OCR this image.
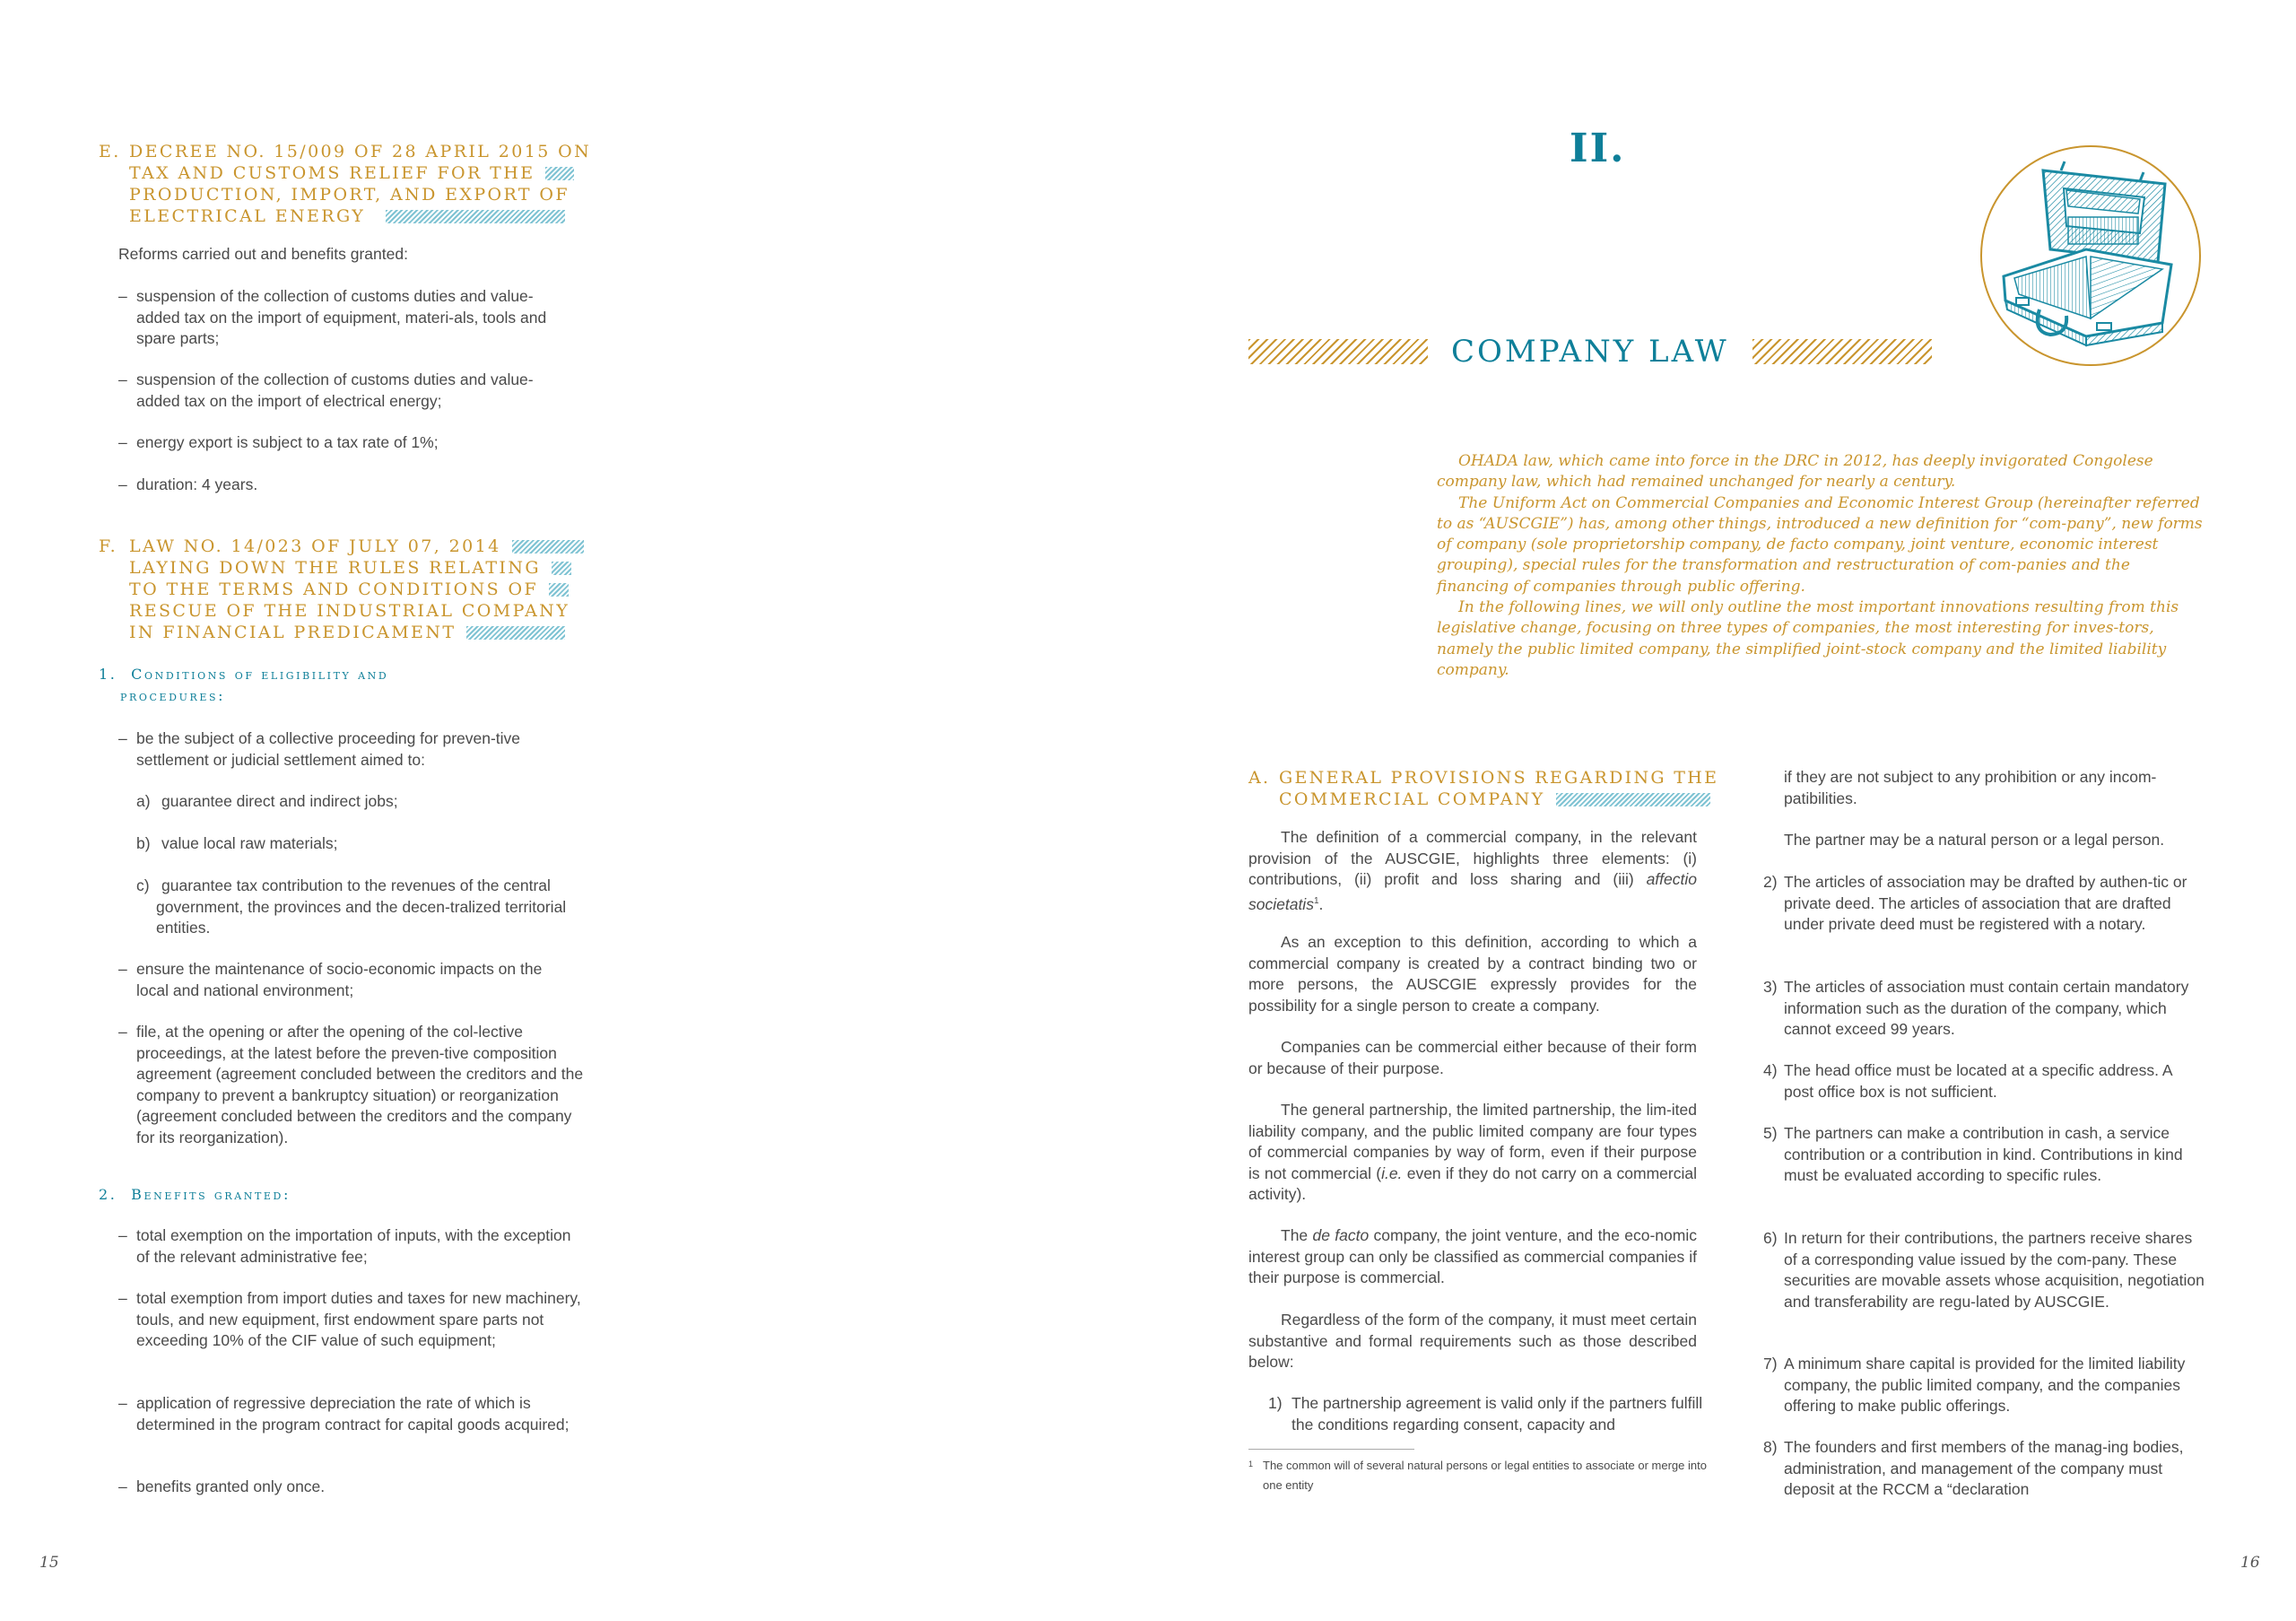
E. DECREE NO. 15/009 OF 28 APRIL 2015 ON
TAX AND CUSTOMS RELIEF FOR THE
PRODUCTION, IMPORT, AND EXPORT OF
ELECTRICAL ENERGY
Reforms carried out and benefits granted:
– suspension of the collection of customs duties and value-added tax on the import of equipment, materi-als, tools and spare parts;
– suspension of the collection of customs duties and value-added tax on the import of electrical energy;
– energy export is subject to a tax rate of 1%;
– duration: 4 years.
F. LAW NO. 14/023 OF JULY 07, 2014
LAYING DOWN THE RULES RELATING
TO THE TERMS AND CONDITIONS OF
RESCUE OF THE INDUSTRIAL COMPANY
IN FINANCIAL PREDICAMENT
1. Conditions of eligibility and
procedures:
– be the subject of a collective proceeding for preven-tive settlement or judicial settlement aimed to:
a) guarantee direct and indirect jobs;
b) value local raw materials;
c) guarantee tax contribution to the revenues of the central government, the provinces and the decen-tralized territorial entities.
– ensure the maintenance of socio-economic impacts on the local and national environment;
– file, at the opening or after the opening of the col-lective proceedings, at the latest before the preven-tive composition agreement (agreement concluded between the creditors and the company to prevent a bankruptcy situation) or reorganization (agreement concluded between the creditors and the company for its reorganization).
2. Benefits granted:
– total exemption on the importation of inputs, with the exception of the relevant administrative fee;
– total exemption from import duties and taxes for new machinery, touls, and new equipment, first endowment spare parts not exceeding 10% of the CIF value of such equipment;
– application of regressive depreciation the rate of which is determined in the program contract for capital goods acquired;
– benefits granted only once.
15
II.
COMPANY LAW

OHADA law, which came into force in the DRC in 2012, has deeply invigorated Congolese company law, which had remained unchanged for nearly a century.

The Uniform Act on Commercial Companies and Economic Interest Group (hereinafter referred to as “AUSCGIE”) has, among other things, introduced a new definition for “com-pany”, new forms of company (sole proprietorship company, de facto company, joint venture, economic interest grouping), special rules for the transformation and restructuration of com-panies and the financing of companies through public offering.

In the following lines, we will only outline the most important innovations resulting from this legislative change, focusing on three types of companies, the most interesting for inves-tors, namely the public limited company, the simplified joint-stock company and the limited liability company.

A. GENERAL PROVISIONS REGARDING THE
COMMERCIAL COMPANY
The definition of a commercial company, in the relevant provision of the AUSCGIE, highlights three elements: (i) contributions, (ii) profit and loss sharing and (iii) affectio societatis$^1$.
As an exception to this definition, according to which a commercial company is created by a contract binding two or more persons, the AUSCGIE expressly provides for the possibility for a single person to create a company.
Companies can be commercial either because of their form or because of their purpose.
The general partnership, the limited partnership, the lim-ited liability company, and the public limited company are four types of commercial companies by way of form, even if their purpose is not commercial (i.e. even if they do not carry on a commercial activity).
The de facto company, the joint venture, and the eco-nomic interest group can only be classified as commercial companies if their purpose is commercial.
Regardless of the form of the company, it must meet certain substantive and formal requirements such as those described below:
1) The partnership agreement is valid only if the partners fulfill the conditions regarding consent, capacity and
1 The common will of several natural persons or legal entities to associate or merge into one entity
if they are not subject to any prohibition or any incom-patibilities.
The partner may be a natural person or a legal person.
2) The articles of association may be drafted by authen-tic or private deed. The articles of association that are drafted under private deed must be registered with a notary.
3) The articles of association must contain certain mandatory information such as the duration of the company, which cannot exceed 99 years.
4) The head office must be located at a specific address. A post office box is not sufficient.
5) The partners can make a contribution in cash, a service contribution or a contribution in kind. Contributions in kind must be evaluated according to specific rules.
6) In return for their contributions, the partners receive shares of a corresponding value issued by the com-pany. These securities are movable assets whose acquisition, negotiation and transferability are regu-lated by AUSCGIE.
7) A minimum share capital is provided for the limited liability company, the public limited company, and the companies offering to make public offerings.
8) The founders and first members of the manag-ing bodies, administration, and management of the company must deposit at the RCCM a “declaration
16
